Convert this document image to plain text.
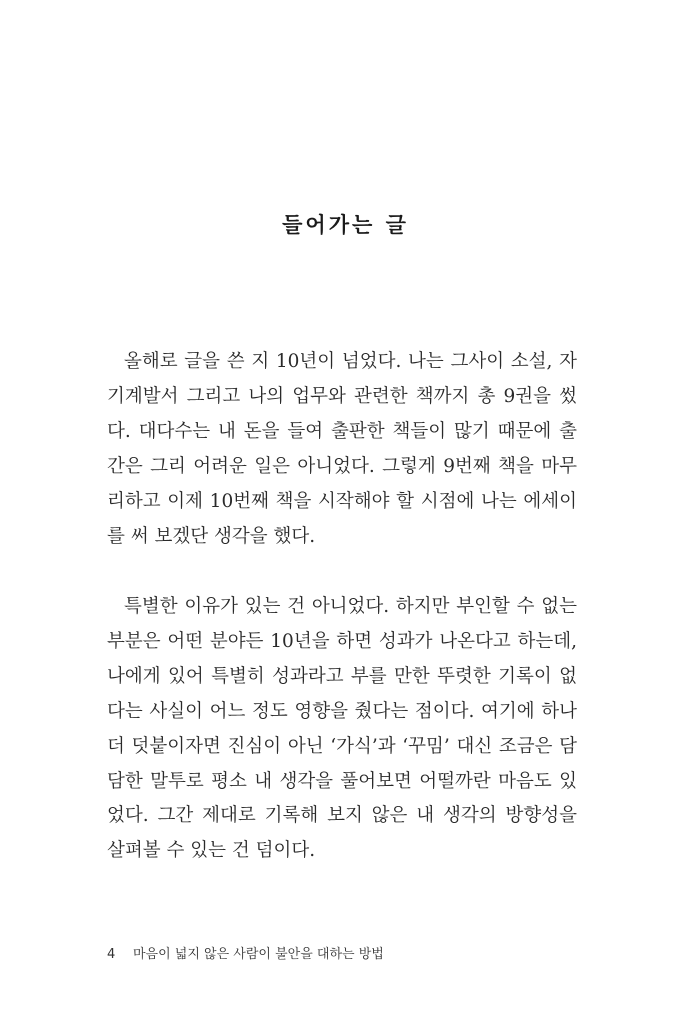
들어가는 글
올해로 글을 쓴 지 10년이 넘었다. 나는 그사이 소설, 자
기계발서 그리고 나의 업무와 관련한 책까지 총 9권을 썼
다. 대다수는 내 돈을 들여 출판한 책들이 많기 때문에 출
간은 그리 어려운 일은 아니었다. 그렇게 9번째 책을 마무
리하고 이제 10번째 책을 시작해야 할 시점에 나는 에세이
를 써 보겠단 생각을 했다.
특별한 이유가 있는 건 아니었다. 하지만 부인할 수 없는
부분은 어떤 분야든 10년을 하면 성과가 나온다고 하는데,
나에게 있어 특별히 성과라고 부를 만한 뚜렷한 기록이 없
다는 사실이 어느 정도 영향을 줬다는 점이다. 여기에 하나
더 덧붙이자면 진심이 아닌 ‘가식’과 ‘꾸밈’ 대신 조금은 담
담한 말투로 평소 내 생각을 풀어보면 어떨까란 마음도 있
었다. 그간 제대로 기록해 보지 않은 내 생각의 방향성을
살펴볼 수 있는 건 덤이다.
4 마음이 넓지 않은 사람이 불안을 대하는 방법
